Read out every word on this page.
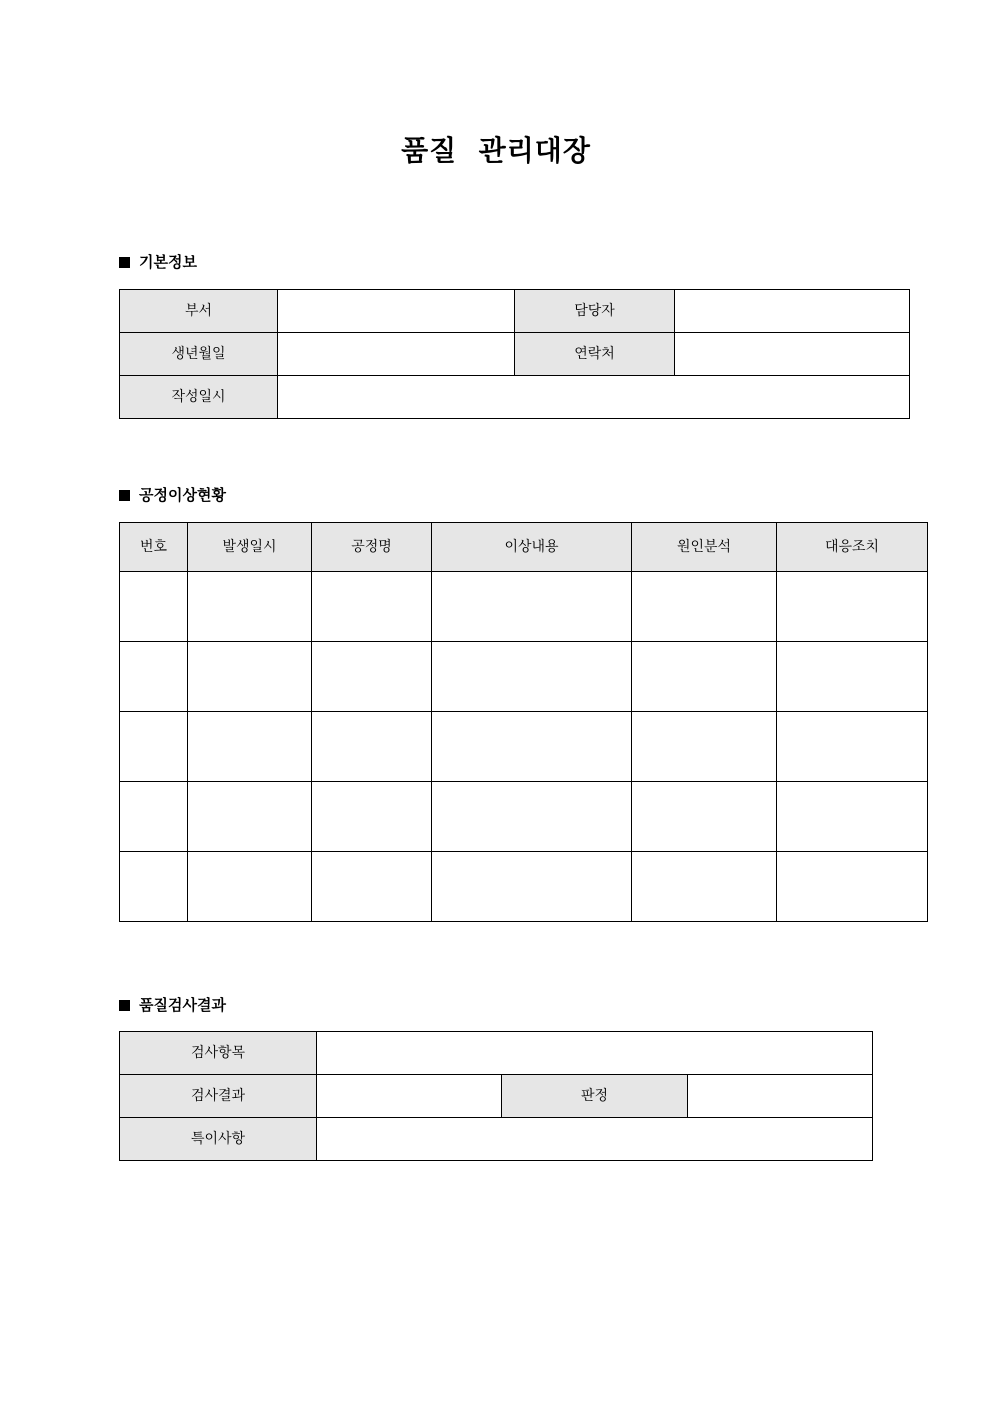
품질  관리대장
기본정보
부서		담당자	
생년월일		연락처	
작성일시			
공정이상현황
번호	발생일시	공정명	이상내용	원인분석	대응조치

품질검사결과
검사항목			
검사결과		판정	
특이사항			
